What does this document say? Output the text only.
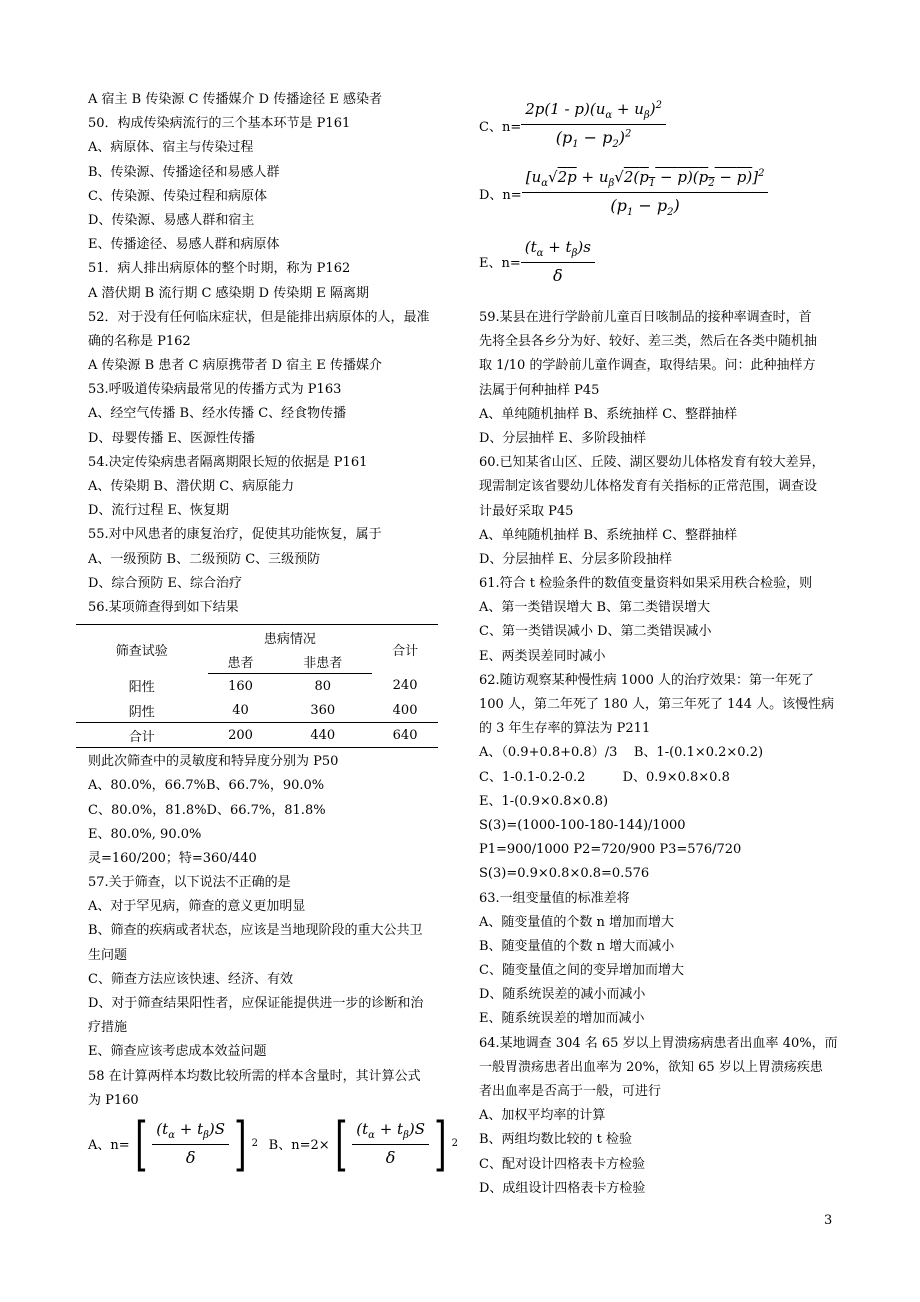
A 宿主 B 传染源 C 传播媒介 D 传播途径 E 感染者
50．构成传染病流行的三个基本环节是 P161
A、病原体、宿主与传染过程
B、传染源、传播途径和易感人群
C、传染源、传染过程和病原体
D、传染源、易感人群和宿主
E、传播途径、易感人群和病原体
51．病人排出病原体的整个时期，称为 P162
A 潜伏期 B 流行期 C 感染期 D 传染期 E 隔离期
52．对于没有任何临床症状，但是能排出病原体的人，最准
确的名称是 P162
A 传染源 B 患者 C 病原携带者 D 宿主 E 传播媒介
53.呼吸道传染病最常见的传播方式为 P163
A、经空气传播 B、经水传播 C、经食物传播
D、母婴传播 E、医源性传播
54.决定传染病患者隔离期限长短的依据是 P161
A、传染期 B、潜伏期 C、病原能力
D、流行过程 E、恢复期
55.对中风患者的康复治疗，促使其功能恢复，属于
A、一级预防 B、二级预防 C、三级预防
D、综合预防 E、综合治疗
56.某项筛查得到如下结果
筛查试验	患病情况		合计
	患者	非患者	
阳性	160	80	240
阴性	40	360	400
合计	200	440	640
则此次筛查中的灵敏度和特异度分别为 P50
A、80.0%，66.7%B、66.7%，90.0%
C、80.0%，81.8%D、66.7%，81.8%
E、80.0%, 90.0%
灵=160/200；特=360/440
57.关于筛查，以下说法不正确的是
A、对于罕见病，筛查的意义更加明显
B、筛查的疾病或者状态，应该是当地现阶段的重大公共卫
生问题
C、筛查方法应该快速、经济、有效
D、对于筛查结果阳性者，应保证能提供进一步的诊断和治
疗措施
E、筛查应该考虑成本效益问题
58 在计算两样本均数比较所需的样本含量时，其计算公式
为 P160
A、n= [ $\frac{(t_\alpha + t_\beta)S}{\delta}$ ] 2 B、n=2× [ $\frac{(t_\alpha + t_\beta)S}{\delta}$ ] 2
C、$n= \frac{2p(1 - p)(u_\alpha + u_\beta)^2}{(p_1 - p_2)^2}$
D、$n= \frac{[u_\alpha√2p + u_\beta√2(p_1 - p)(p_2 - p)]^2}{(p_1 - p_2)}$
E、$n= \frac{(t_\alpha + t_\beta)s}{\delta}$
59.某县在进行学龄前儿童百日咳制品的接种率调查时，首
先将全县各乡分为好、较好、差三类，然后在各类中随机抽
取 1/10 的学龄前儿童作调查，取得结果。问：此种抽样方
法属于何种抽样 P45
A、单纯随机抽样 B、系统抽样 C、整群抽样
D、分层抽样 E、多阶段抽样
60.已知某省山区、丘陵、湖区婴幼儿体格发育有较大差异，
现需制定该省婴幼儿体格发育有关指标的正常范围，调查设
计最好采取 P45
A、单纯随机抽样 B、系统抽样 C、整群抽样
D、分层抽样 E、分层多阶段抽样
61.符合 t 检验条件的数值变量资料如果采用秩合检验，则
A、第一类错误增大 B、第二类错误增大
C、第一类错误减小 D、第二类错误减小
E、两类误差同时减小
62.随访观察某种慢性病 1000 人的治疗效果：第一年死了
100 人，第二年死了 180 人，第三年死了 144 人。该慢性病
的 3 年生存率的算法为 P211
A、（0.9+0.8+0.8）/3    B、1-(0.1×0.2×0.2)
C、1-0.1-0.2-0.2         D、0.9×0.8×0.8
E、1-(0.9×0.8×0.8)
S(3)=(1000-100-180-144)/1000
P1=900/1000 P2=720/900 P3=576/720
S(3)=0.9×0.8×0.8=0.576
63.一组变量值的标准差将
A、随变量值的个数 n 增加而增大
B、随变量值的个数 n 增大而减小
C、随变量值之间的变异增加而增大
D、随系统误差的减小而减小
E、随系统误差的增加而减小
64.某地调查 304 名 65 岁以上胃溃疡病患者出血率 40%，而
一般胃溃疡患者出血率为 20%，欲知 65 岁以上胃溃疡疾患
者出血率是否高于一般，可进行
A、加权平均率的计算
B、两组均数比较的 t 检验
C、配对设计四格表卡方检验
D、成组设计四格表卡方检验
3
